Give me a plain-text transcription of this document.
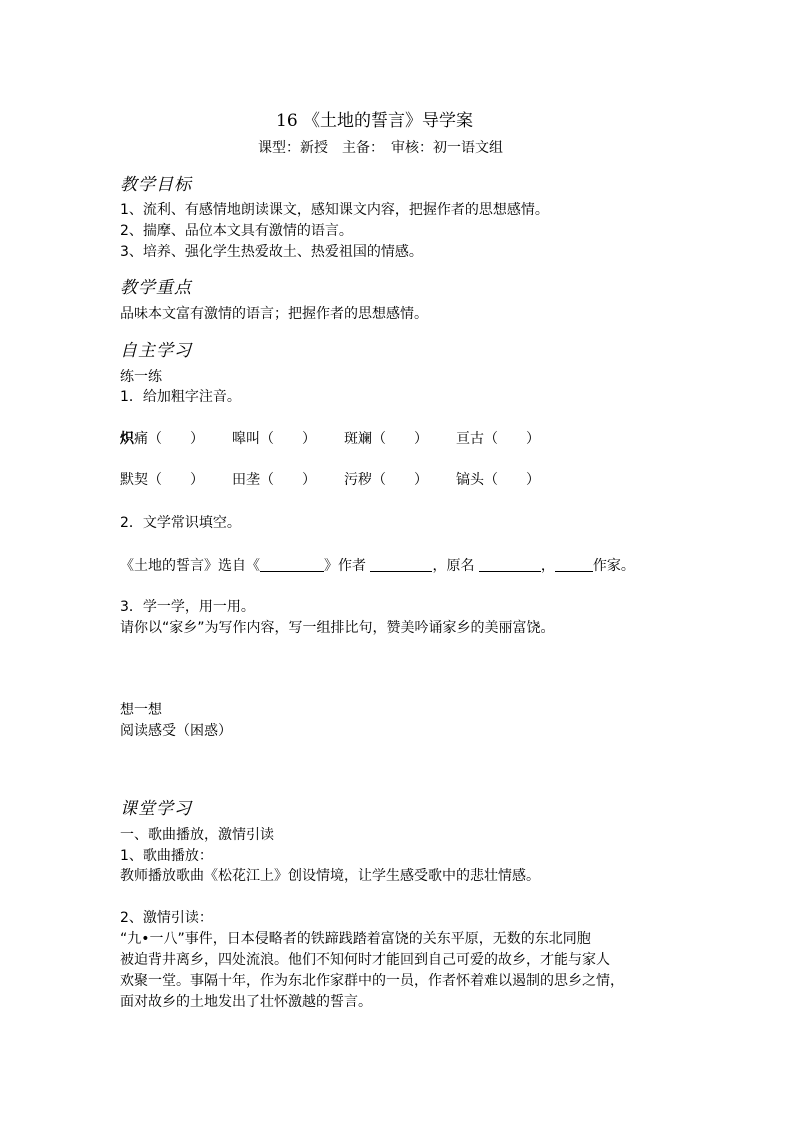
16 《土地的誓言》导学案
课型：新授　主备：　审核：初一语文组
教学目标
1、流利、有感情地朗读课文，感知课文内容，把握作者的思想感情。
2、揣摩、品位本文具有激情的语言。
3、培养、强化学生热爱故土、热爱祖国的情感。
教学重点
品味本文富有激情的语言；把握作者的思想感情。
自主学习
练一练
1．给加粗字注音。
炽痛（　　） 嗥叫（　　） 斑斓（　　） 亘古（　　）
默契（　　） 田垄（　　） 污秽（　　） 镐头（　　）
2．文学常识填空。
《土地的誓言》选自《	》作者	，原名	，	作家。
3．学一学，用一用。
请你以“家乡”为写作内容，写一组排比句，赞美吟诵家乡的美丽富饶。
想一想
阅读感受（困惑）
课堂学习
一、歌曲播放，激情引读
1、歌曲播放：
教师播放歌曲《松花江上》创设情境，让学生感受歌中的悲壮情感。
2、激情引读：
“九•一八”事件，日本侵略者的铁蹄践踏着富饶的关东平原，无数的东北同胞
被迫背井离乡，四处流浪。他们不知何时才能回到自己可爱的故乡，才能与家人
欢聚一堂。事隔十年，作为东北作家群中的一员，作者怀着难以遏制的思乡之情，
面对故乡的土地发出了壮怀激越的誓言。
